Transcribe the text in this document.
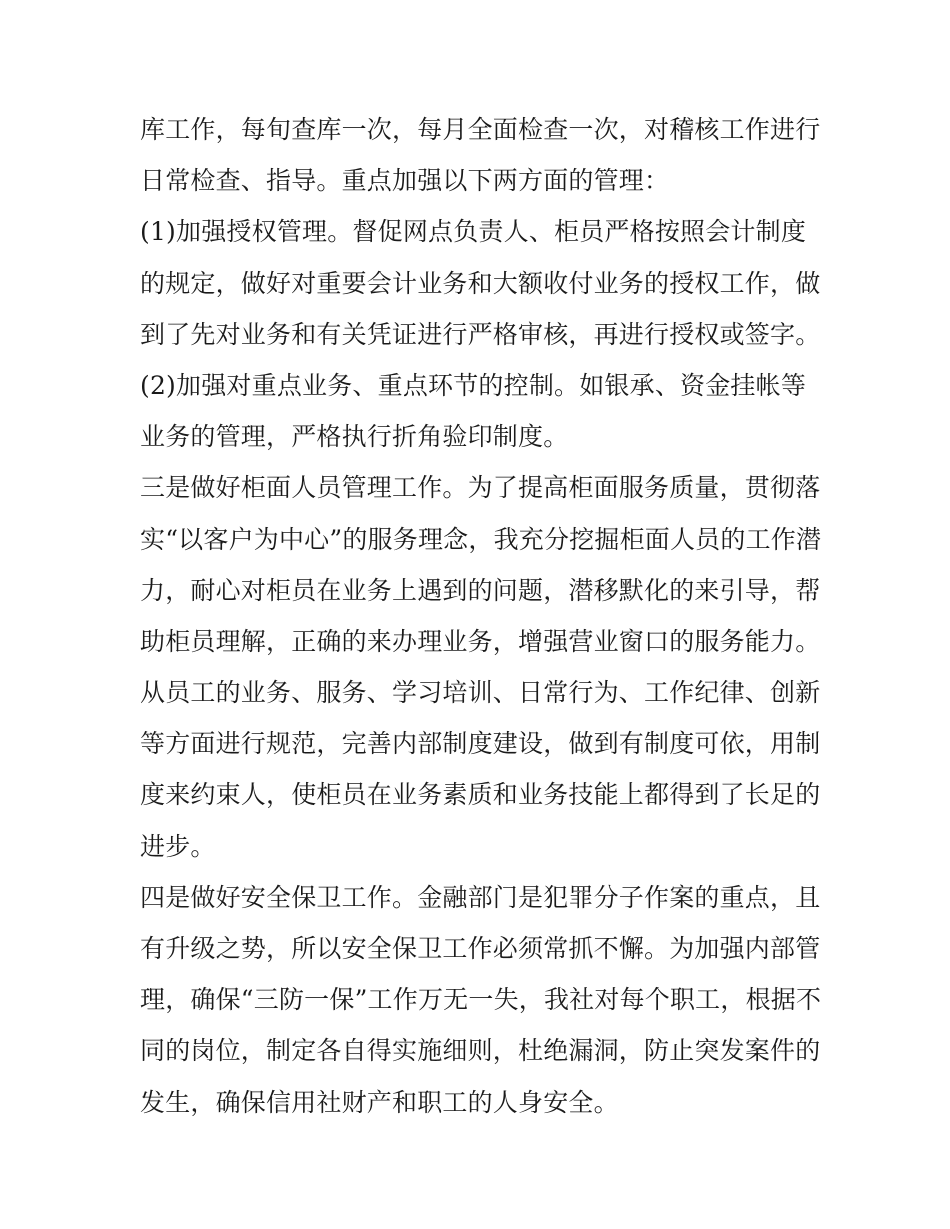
库工作，每旬查库一次，每月全面检查一次，对稽核工作进行
日常检查、指导。重点加强以下两方面的管理：
(1)加强授权管理。督促网点负责人、柜员严格按照会计制度
的规定，做好对重要会计业务和大额收付业务的授权工作，做
到了先对业务和有关凭证进行严格审核，再进行授权或签字。
(2)加强对重点业务、重点环节的控制。如银承、资金挂帐等
业务的管理，严格执行折角验印制度。
三是做好柜面人员管理工作。为了提高柜面服务质量，贯彻落
实“以客户为中心”的服务理念，我充分挖掘柜面人员的工作潜
力，耐心对柜员在业务上遇到的问题，潜移默化的来引导，帮
助柜员理解，正确的来办理业务，增强营业窗口的服务能力。
从员工的业务、服务、学习培训、日常行为、工作纪律、创新
等方面进行规范，完善内部制度建设，做到有制度可依，用制
度来约束人，使柜员在业务素质和业务技能上都得到了长足的
进步。
四是做好安全保卫工作。金融部门是犯罪分子作案的重点，且
有升级之势，所以安全保卫工作必须常抓不懈。为加强内部管
理，确保“三防一保”工作万无一失，我社对每个职工，根据不
同的岗位，制定各自得实施细则，杜绝漏洞，防止突发案件的
发生，确保信用社财产和职工的人身安全。
